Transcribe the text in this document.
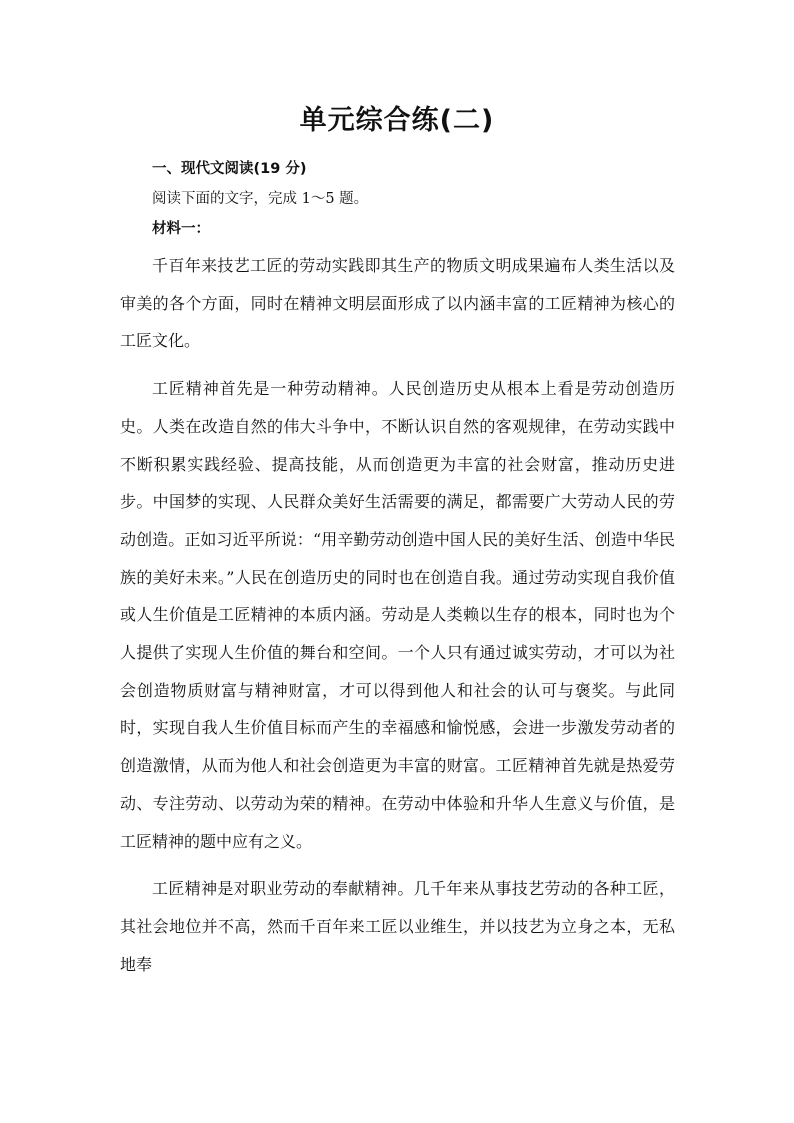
单元综合练(二)

一、现代文阅读(19 分)

阅读下面的文字，完成 1～5 题。

材料一：

千百年来技艺工匠的劳动实践即其生产的物质文明成果遍布人类生活以及审美的各个方面，同时在精神文明层面形成了以内涵丰富的工匠精神为核心的工匠文化。

工匠精神首先是一种劳动精神。人民创造历史从根本上看是劳动创造历史。人类在改造自然的伟大斗争中，不断认识自然的客观规律，在劳动实践中不断积累实践经验、提高技能，从而创造更为丰富的社会财富，推动历史进步。中国梦的实现、人民群众美好生活需要的满足，都需要广大劳动人民的劳动创造。正如习近平所说：“用辛勤劳动创造中国人民的美好生活、创造中华民族的美好未来。”人民在创造历史的同时也在创造自我。通过劳动实现自我价值或人生价值是工匠精神的本质内涵。劳动是人类赖以生存的根本，同时也为个人提供了实现人生价值的舞台和空间。一个人只有通过诚实劳动，才可以为社会创造物质财富与精神财富，才可以得到他人和社会的认可与褒奖。与此同时，实现自我人生价值目标而产生的幸福感和愉悦感，会进一步激发劳动者的创造激情，从而为他人和社会创造更为丰富的财富。工匠精神首先就是热爱劳动、专注劳动、以劳动为荣的精神。在劳动中体验和升华人生意义与价值，是工匠精神的题中应有之义。

工匠精神是对职业劳动的奉献精神。几千年来从事技艺劳动的各种工匠，其社会地位并不高，然而千百年来工匠以业维生，并以技艺为立身之本，无私地奉
